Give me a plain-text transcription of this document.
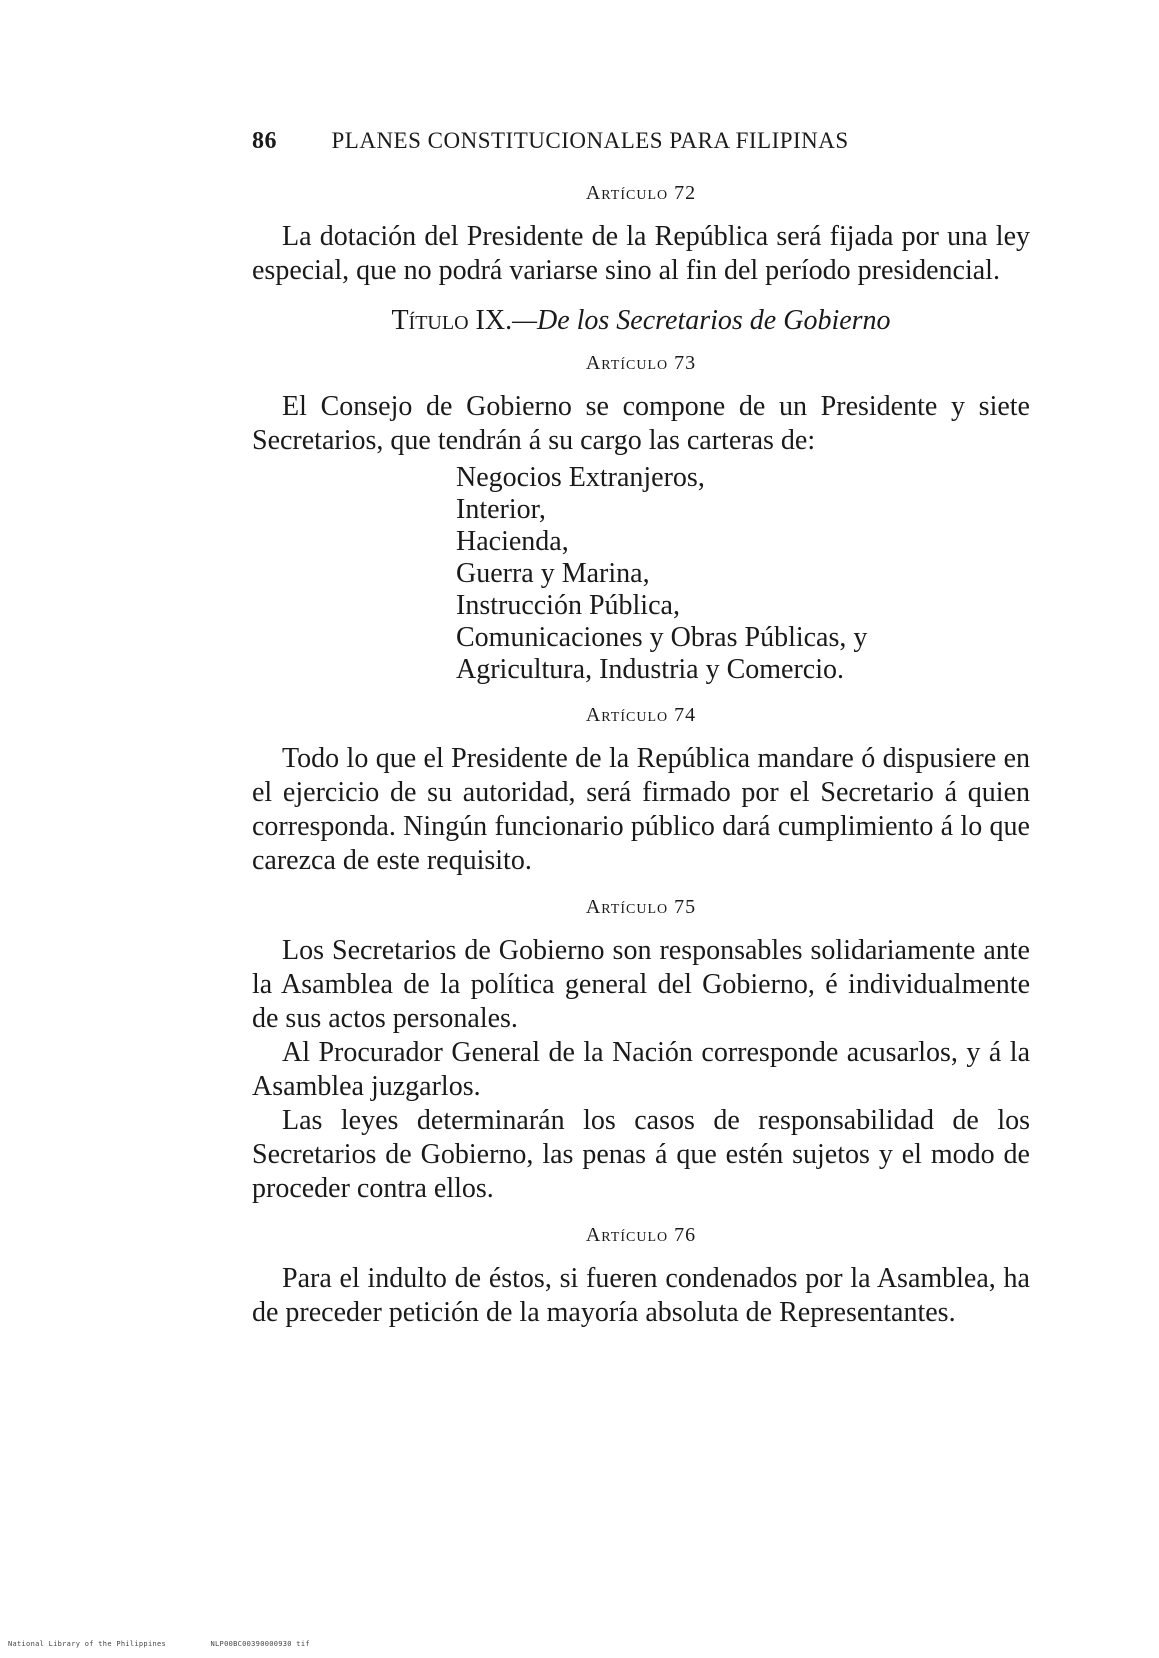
86 PLANES CONSTITUCIONALES PARA FILIPINAS
Artículo 72

La dotación del Presidente de la República será fijada por una ley especial, que no podrá variarse sino al fin del período presidencial.

Título IX.—De los Secretarios de Gobierno
Artículo 73

El Consejo de Gobierno se compone de un Presidente y siete Secretarios, que tendrán á su cargo las carteras de:

Negocios Extranjeros,
Interior,
Hacienda,
Guerra y Marina,
Instrucción Pública,
Comunicaciones y Obras Públicas, y
Agricultura, Industria y Comercio.
Artículo 74

Todo lo que el Presidente de la República mandare ó dispusiere en el ejercicio de su autoridad, será firmado por el Secretario á quien corresponda. Ningún funcionario público dará cumplimiento á lo que carezca de este requisito.

Artículo 75

Los Secretarios de Gobierno son responsables solidariamente ante la Asamblea de la política general del Gobierno, é individualmente de sus actos personales.

Al Procurador General de la Nación corresponde acusarlos, y á la Asamblea juzgarlos.

Las leyes determinarán los casos de responsabilidad de los Secretarios de Gobierno, las penas á que estén sujetos y el modo de proceder contra ellos.

Artículo 76

Para el indulto de éstos, si fueren condenados por la Asamblea, ha de preceder petición de la mayoría absoluta de Representantes.

National Library of the Philippines	NLP00BC00390000930 tif
